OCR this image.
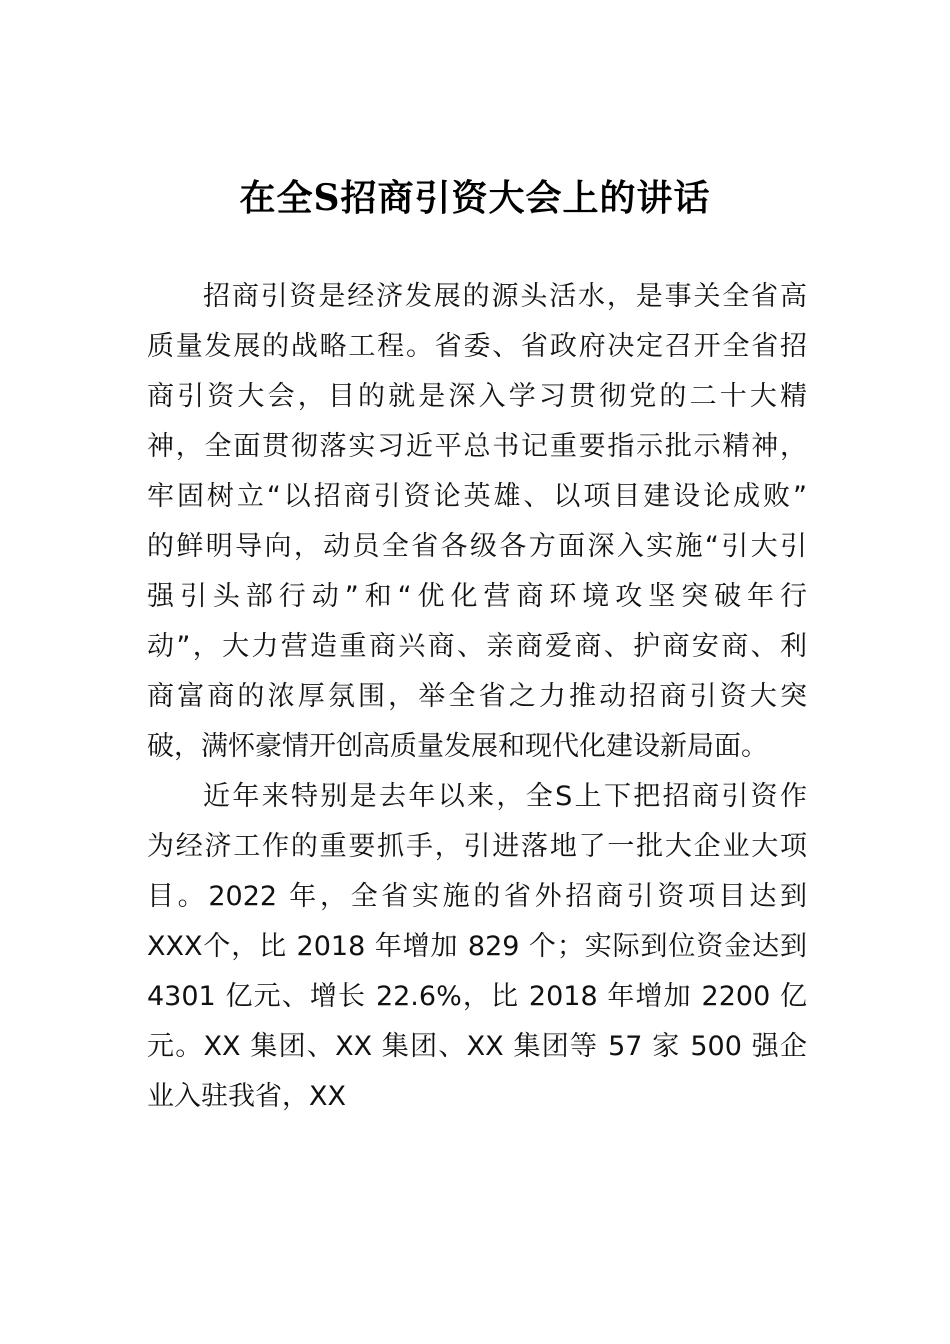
在全S招商引资大会上的讲话
招商引资是经济发展的源头活水，是事关全省高
质量发展的战略工程。省委、省政府决定召开全省招
商引资大会，目的就是深入学习贯彻党的二十大精
神，全面贯彻落实习近平总书记重要指示批示精神，
牢固树立“以招商引资论英雄、以项目建设论成败”
的鲜明导向，动员全省各级各方面深入实施“引大引
强引头部行动”和“优化营商环境攻坚突破年行
动”，大力营造重商兴商、亲商爱商、护商安商、利
商富商的浓厚氛围，举全省之力推动招商引资大突
破，满怀豪情开创高质量发展和现代化建设新局面。
近年来特别是去年以来，全S上下把招商引资作
为经济工作的重要抓手，引进落地了一批大企业大项
目。2022 年，全省实施的省外招商引资项目达到
XXX个，比 2018 年增加 829 个；实际到位资金达到
4301 亿元、增长 22.6%，比 2018 年增加 2200 亿
元。XX 集团、XX 集团、XX 集团等 57 家 500 强企
业入驻我省，XX
